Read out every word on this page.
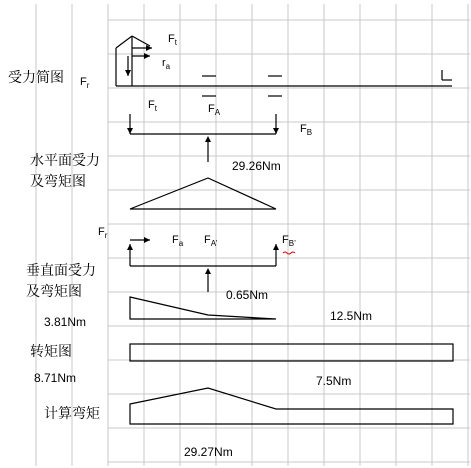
受力简图
$F_t$
$r_a$
$F_r$
$F_t$	$F_A$
$F_B$
29.26Nm
水平面受力
及弯矩图
$F_r$	$F_a$ $F_{A’}$	$F_{B’}$
0.65Nm
垂直面受力
及弯矩图
3.81Nm	12.5Nm
转矩图
8.71Nm	7.5Nm
计算弯矩
29.27Nm
